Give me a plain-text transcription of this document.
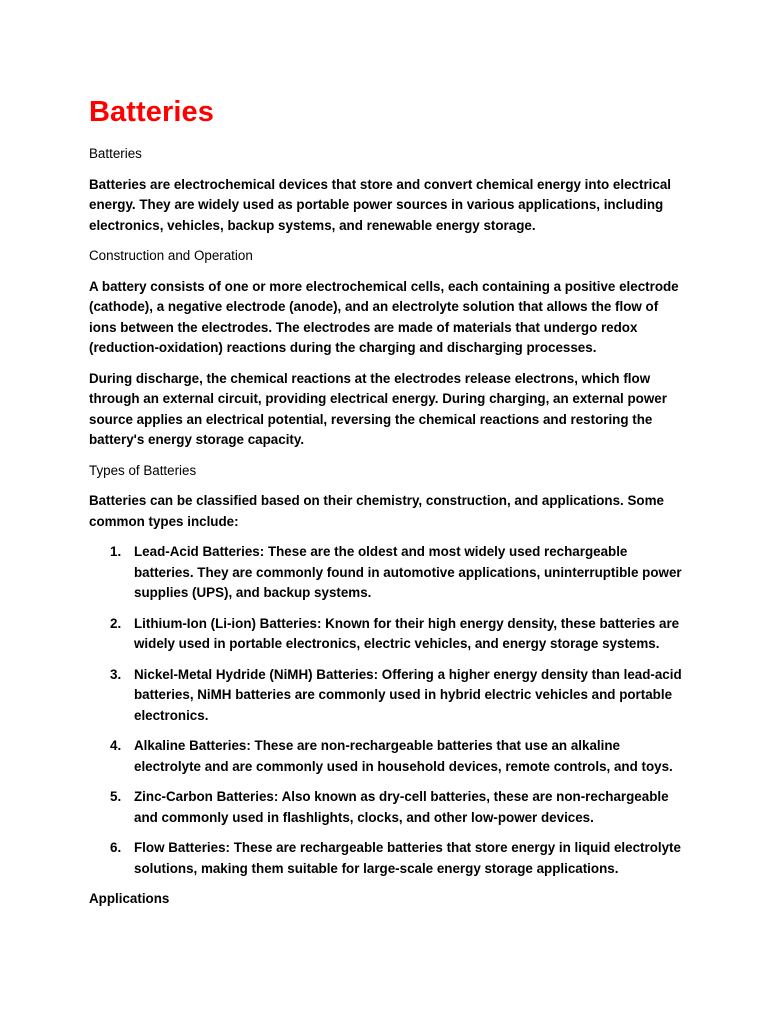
Batteries
Batteries
Batteries are electrochemical devices that store and convert chemical energy into electrical energy. They are widely used as portable power sources in various applications, including electronics, vehicles, backup systems, and renewable energy storage.
Construction and Operation
A battery consists of one or more electrochemical cells, each containing a positive electrode (cathode), a negative electrode (anode), and an electrolyte solution that allows the flow of ions between the electrodes. The electrodes are made of materials that undergo redox (reduction-oxidation) reactions during the charging and discharging processes.
During discharge, the chemical reactions at the electrodes release electrons, which flow through an external circuit, providing electrical energy. During charging, an external power source applies an electrical potential, reversing the chemical reactions and restoring the battery's energy storage capacity.
Types of Batteries
Batteries can be classified based on their chemistry, construction, and applications. Some common types include:
1. Lead-Acid Batteries: These are the oldest and most widely used rechargeable batteries. They are commonly found in automotive applications, uninterruptible power supplies (UPS), and backup systems.
2. Lithium-Ion (Li-ion) Batteries: Known for their high energy density, these batteries are widely used in portable electronics, electric vehicles, and energy storage systems.
3. Nickel-Metal Hydride (NiMH) Batteries: Offering a higher energy density than lead-acid batteries, NiMH batteries are commonly used in hybrid electric vehicles and portable electronics.
4. Alkaline Batteries: These are non-rechargeable batteries that use an alkaline electrolyte and are commonly used in household devices, remote controls, and toys.
5. Zinc-Carbon Batteries: Also known as dry-cell batteries, these are non-rechargeable and commonly used in flashlights, clocks, and other low-power devices.
6. Flow Batteries: These are rechargeable batteries that store energy in liquid electrolyte solutions, making them suitable for large-scale energy storage applications.
Applications
